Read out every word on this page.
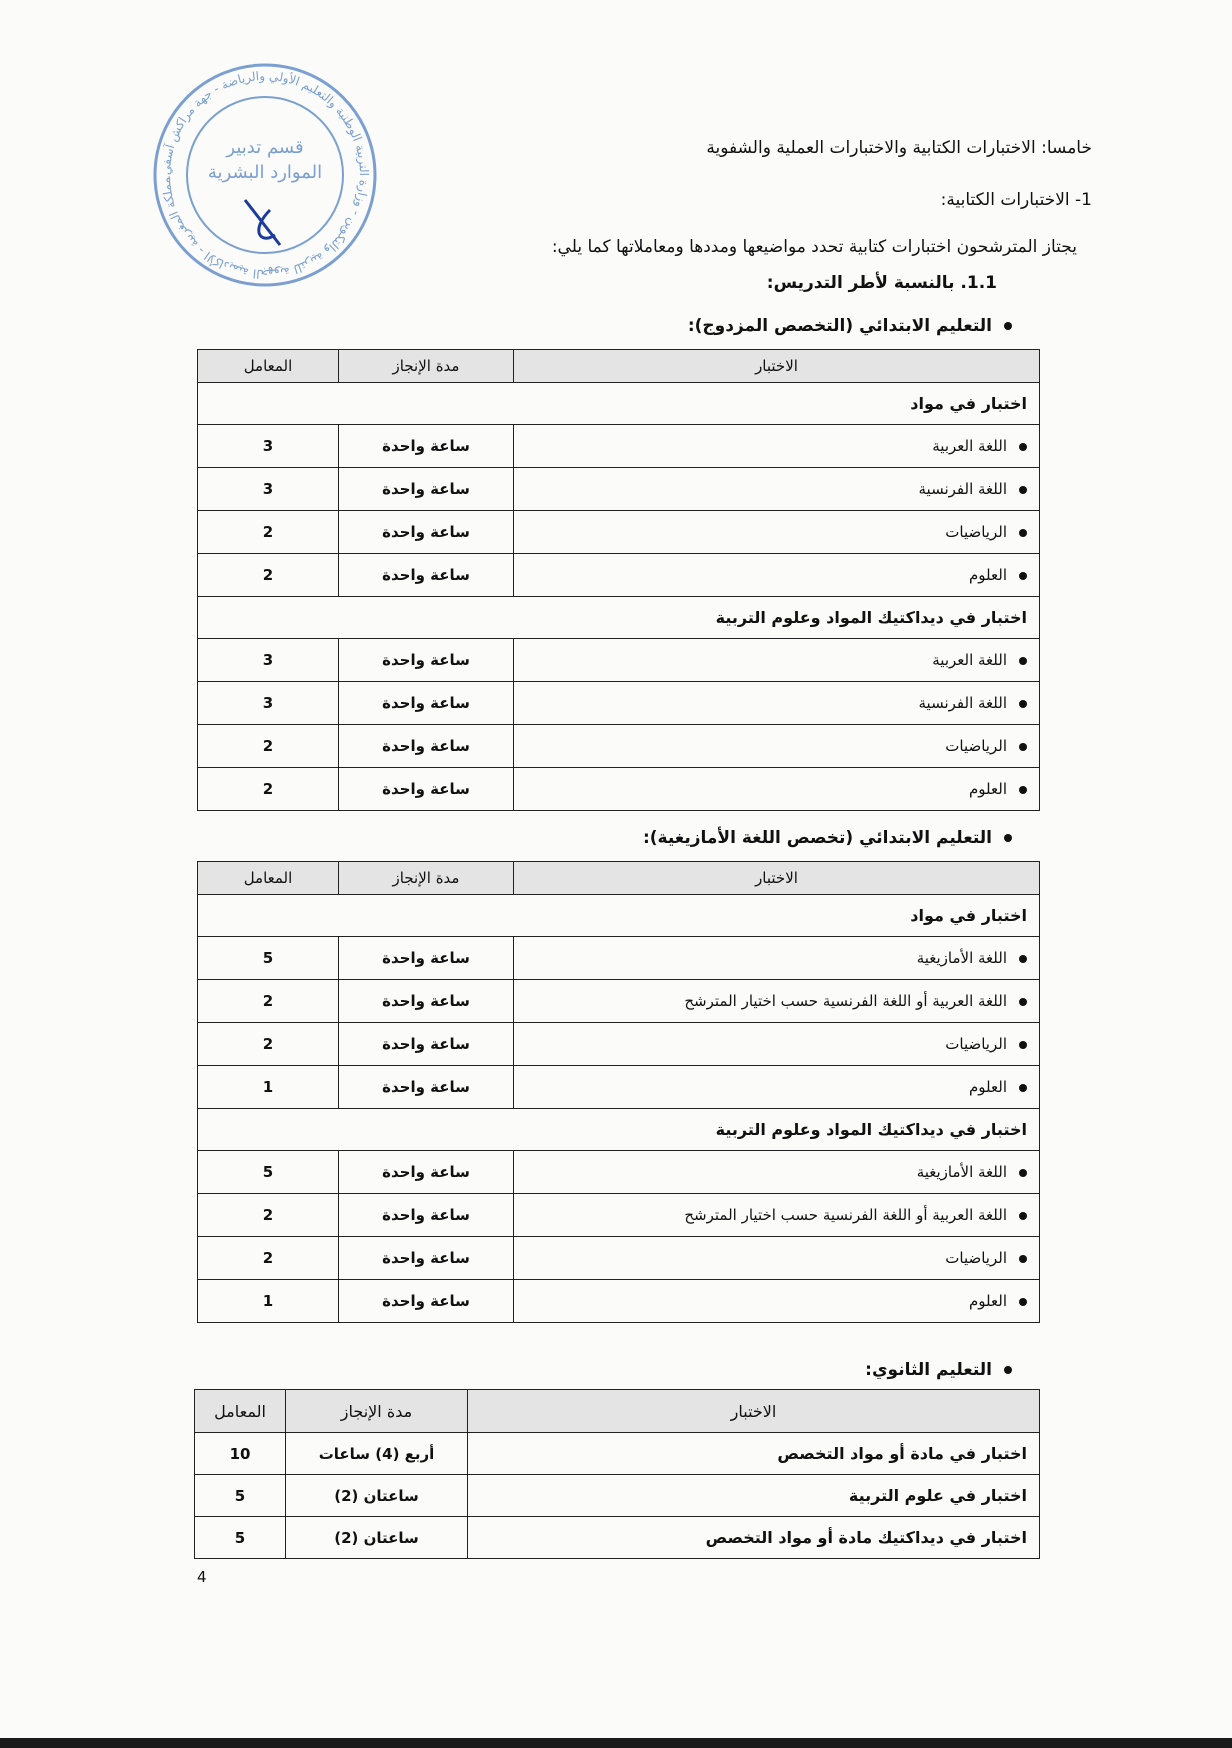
مملكة المغربية - الأكاديمية الجهوية للتربية والتكوين - وزارة التربية الوطنية والتعليم الأولي والرياضة - جهة مراكش آسفي	قسم تدبير الموارد البشرية
خامسا: الاختبارات الكتابية والاختبارات العملية والشفوية
1- الاختبارات الكتابية:
يجتاز المترشحون اختبارات كتابية تحدد مواضيعها ومددها ومعاملاتها كما يلي:
1.1. بالنسبة لأطر التدريس:
التعليم الابتدائي (التخصص المزدوج):
الاختبار	مدة الإنجاز	المعامل
اختبار في مواد		
اللغة العربية	ساعة واحدة	3
اللغة الفرنسية	ساعة واحدة	3
الرياضيات	ساعة واحدة	2
العلوم	ساعة واحدة	2
اختبار في ديداكتيك المواد وعلوم التربية		
اللغة العربية	ساعة واحدة	3
اللغة الفرنسية	ساعة واحدة	3
الرياضيات	ساعة واحدة	2
العلوم	ساعة واحدة	2
التعليم الابتدائي (تخصص اللغة الأمازيغية):
الاختبار	مدة الإنجاز	المعامل
اختبار في مواد		
اللغة الأمازيغية	ساعة واحدة	5
اللغة العربية أو اللغة الفرنسية حسب اختيار المترشح	ساعة واحدة	2
الرياضيات	ساعة واحدة	2
العلوم	ساعة واحدة	1
اختبار في ديداكتيك المواد وعلوم التربية		
اللغة الأمازيغية	ساعة واحدة	5
اللغة العربية أو اللغة الفرنسية حسب اختيار المترشح	ساعة واحدة	2
الرياضيات	ساعة واحدة	2
العلوم	ساعة واحدة	1
التعليم الثانوي:
الاختبار	مدة الإنجاز	المعامل
اختبار في مادة أو مواد التخصص	أربع (4) ساعات	10
اختبار في علوم التربية	ساعتان (2)	5
اختبار في ديداكتيك مادة أو مواد التخصص	ساعتان (2)	5
4
